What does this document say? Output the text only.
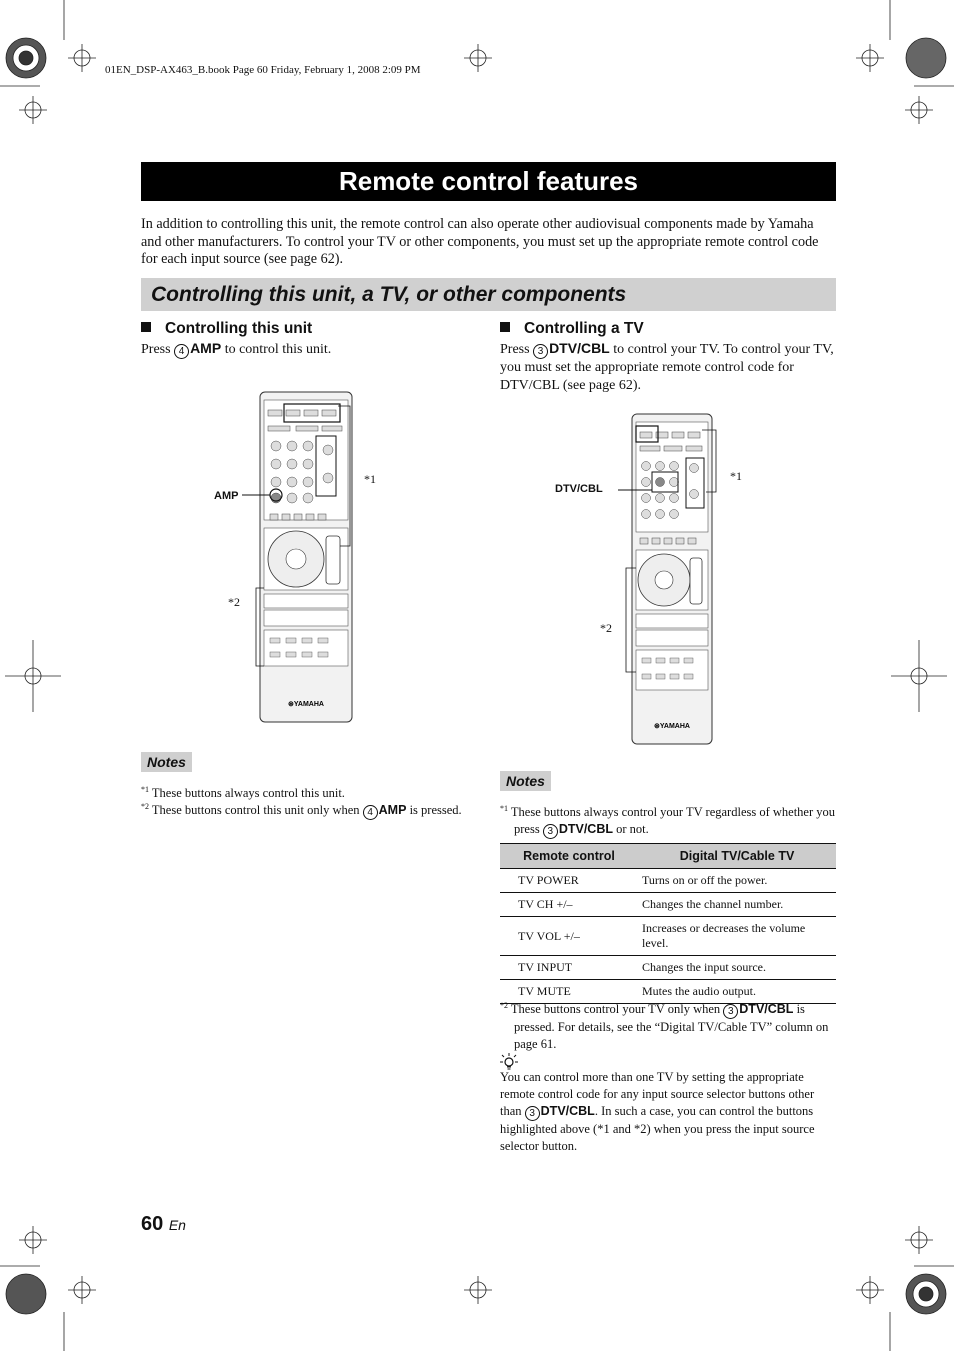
01EN_DSP-AX463_B.book Page 60 Friday, February 1, 2008 2:09 PM
Remote control features
In addition to controlling this unit, the remote control can also operate other audiovisual components made by Yamaha and other manufacturers. To control your TV or other components, you must set up the appropriate remote control code for each input source (see page 62).
Controlling this unit, a TV, or other components
Controlling this unit
Press 4 AMP to control this unit.
⊛YAMAHA
*1
*2
AMP
Notes
$^{*1}$ These buttons always control this unit.
$^{*2}$ These buttons control this unit only when 4 AMP is pressed.
Controlling a TV
Press 3 DTV/CBL to control your TV. To control your TV, you must set the appropriate remote control code for DTV/CBL (see page 62).
⊛YAMAHA
*1
*2
DTV/CBL
Notes
$^{*1}$ These buttons always control your TV regardless of whether you press 3 DTV/CBL or not.
Remote control	Digital TV/Cable TV
TV POWER	Turns on or off the power.
TV CH +/–	Changes the channel number.
TV VOL +/–	Increases or decreases the volume level.
TV INPUT	Changes the input source.
TV MUTE	Mutes the audio output.
$^{*2}$ These buttons control your TV only when 3 DTV/CBL is pressed. For details, see the “Digital TV/Cable TV” column on page 61.
You can control more than one TV by setting the appropriate remote control code for any input source selector buttons other than 3 DTV/CBL. In such a case, you can control the buttons highlighted above (*1 and *2) when you press the input source selector button.
60 En
